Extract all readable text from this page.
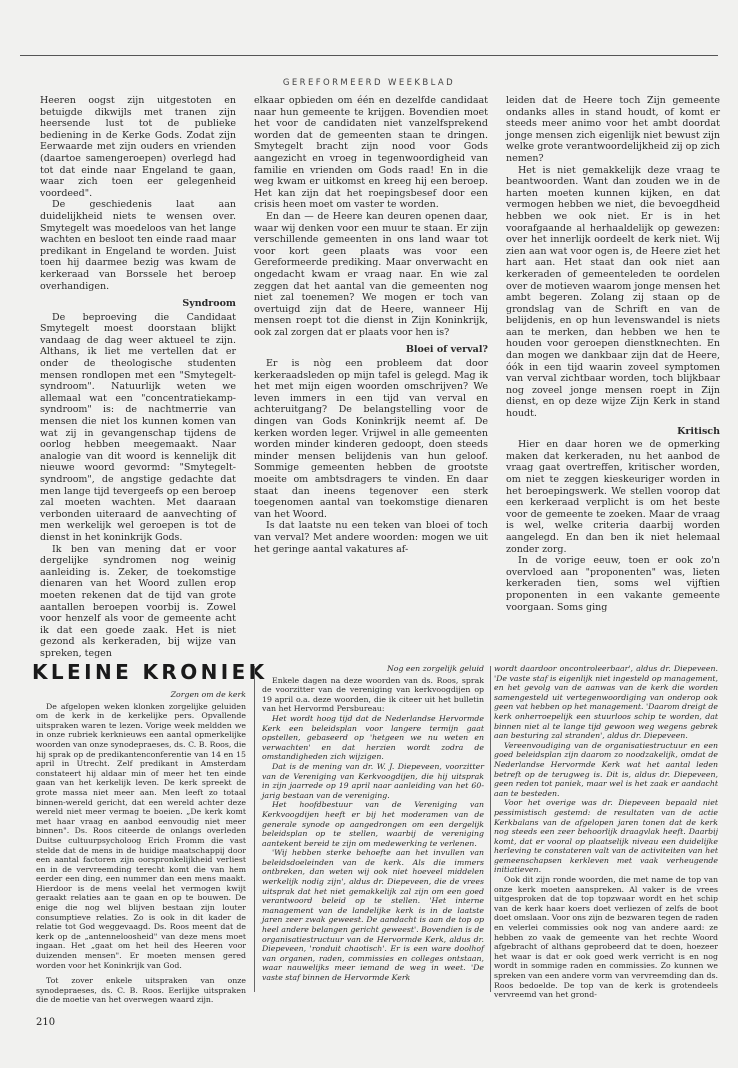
GEREFORMEERD WEEKBLAD

Heeren oogst zijn uitgestoten en betuigde dikwijls met tranen zijn heersende lust tot de publieke bediening in de Kerke Gods. Zodat zijn Eerwaarde met zijn ouders en vrienden (daartoe samengeroepen) overlegd had tot dat einde naar Engeland te gaan, waar zich toen eer gelegenheid voordeed".

De geschiedenis laat aan duidelijkheid niets te wensen over. Smytegelt was moedeloos van het lange wachten en besloot ten einde raad maar predikant in Engeland te worden. Juist toen hij daarmee bezig was kwam de kerkeraad van Borssele het beroep overhandigen.

Syndroom

De beproeving die Candidaat Smytegelt moest doorstaan blijkt vandaag de dag weer aktueel te zijn. Althans, ik liet me vertellen dat er onder de theologische studenten mensen rondlopen met een "Smytegelt-syndroom". Natuurlijk weten we allemaal wat een "concentratiekamp-syndroom" is: de nachtmerrie van mensen die niet los kunnen komen van wat zij in gevangenschap tijdens de oorlog hebben meegemaakt. Naar analogie van dit woord is kennelijk dit nieuwe woord gevormd: "Smytegelt-syndroom", de angstige gedachte dat men lange tijd tevergeefs op een beroep zal moeten wachten. Met daaraan verbonden uiteraard de aanvechting of men werkelijk wel geroepen is tot de dienst in het koninkrijk Gods.

Ik ben van mening dat er voor dergelijke syndromen nog weinig aanleiding is. Zeker, de toekomstige dienaren van het Woord zullen erop moeten rekenen dat de tijd van grote aantallen beroepen voorbij is. Zowel voor henzelf als voor de gemeente acht ik dat een goede zaak. Het is niet gezond als kerkeraden, bij wijze van spreken, tegen

elkaar opbieden om één en dezelfde candidaat naar hun gemeente te krijgen. Bovendien moet het voor de candidaten niet vanzelfsprekend worden dat de gemeenten staan te dringen. Smytegelt bracht zijn nood voor Gods aangezicht en vroeg in tegenwoordigheid van familie en vrienden om Gods raad! En in die weg kwam er uitkomst en kreeg hij een beroep. Het kan zijn dat het roepingsbesef door een crisis heen moet om vaster te worden.

En dan — de Heere kan deuren openen daar, waar wij denken voor een muur te staan. Er zijn verschillende gemeenten in ons land waar tot voor kort geen plaats was voor een Gereformeerde prediking. Maar onverwacht en ongedacht kwam er vraag naar. En wie zal zeggen dat het aantal van die gemeenten nog niet zal toenemen? We mogen er toch van overtuigd zijn dat de Heere, wanneer Hij mensen roept tot die dienst in Zijn Koninkrijk, ook zal zorgen dat er plaats voor hen is?

Bloei of verval?

Er is nòg een probleem dat door kerkeraadsleden op mijn tafel is gelegd. Mag ik het met mijn eigen woorden omschrijven? We leven immers in een tijd van verval en achteruitgang? De belangstelling voor de dingen van Gods Koninkrijk neemt af. De kerken worden leger. Vrijwel in alle gemeenten worden minder kinderen gedoopt, doen steeds minder mensen belijdenis van hun geloof. Sommige gemeenten hebben de grootste moeite om ambtsdragers te vinden. En daar staat dan ineens tegenover een sterk toegenomen aantal van toekomstige dienaren van het Woord.

Is dat laatste nu een teken van bloei of toch van verval? Met andere woorden: mogen we uit het geringe aantal vakatures af-

leiden dat de Heere toch Zijn gemeente ondanks alles in stand houdt, of komt er steeds meer animo voor het ambt doordat jonge mensen zich eigenlijk niet bewust zijn welke grote verantwoordelijkheid zij op zich nemen?

Het is niet gemakkelijk deze vraag te beantwoorden. Want dan zouden we in de harten moeten kunnen kijken, en dat vermogen hebben we niet, die bevoegdheid hebben we ook niet. Er is in het voorafgaande al herhaaldelijk op gewezen: over het innerlijk oordeelt de kerk niet. Wij zien aan wat voor ogen is, de Heere ziet het hart aan. Het staat dan ook niet aan kerkeraden of gemeenteleden te oordelen over de motieven waarom jonge mensen het ambt begeren. Zolang zij staan op de grondslag van de Schrift en van de belijdenis, en op hun levenswandel is niets aan te merken, dan hebben we hen te houden voor geroepen dienstknechten. En dan mogen we dankbaar zijn dat de Heere, óók in een tijd waarin zoveel symptomen van verval zichtbaar worden, toch blijkbaar nog zoveel jonge mensen roept in Zijn dienst, en op deze wijze Zijn Kerk in stand houdt.

Kritisch

Hier en daar horen we de opmerking maken dat kerkeraden, nu het aanbod de vraag gaat overtreffen, kritischer worden, om niet te zeggen kieskeuriger worden in het beroepingswerk. We stellen voorop dat een kerkeraad verplicht is om het beste voor de gemeente te zoeken. Maar de vraag is wel, welke criteria daarbij worden aangelegd. En dan ben ik niet helemaal zonder zorg.

In de vorige eeuw, toen er ook zo'n overvloed aan "proponenten" was, lieten kerkeraden tien, soms wel vijftien proponenten in een vakante gemeente voorgaan. Soms ging

KLEINE KRONIEK

Zorgen om de kerk

De afgelopen weken klonken zorgelijke geluiden om de kerk in de kerkelijke pers. Opvallende uitspraken waren te lezen. Vorige week meldden we in onze rubriek kerknieuws een aantal opmerkelijke woorden van onze synodepraeses, ds. C. B. Roos, die hij sprak op de predikantenconferentie van 14 en 15 april in Utrecht. Zelf predikant in Amsterdam constateert hij aldaar min of meer het ten einde gaan van het kerkelijk leven. De kerk spreekt de grote massa niet meer aan. Men leeft zo totaal binnen-wereld gericht, dat een wereld achter deze wereld niet meer vermag te boeien. „De kerk komt met haar vraag en aanbod eenvoudig niet meer binnen". Ds. Roos citeerde de onlangs overleden Duitse cultuurpsycholoog Erich Fromm die vast stelde dat de mens in de huidige maatschappij door een aantal factoren zijn oorspronkelijkheid verliest en in de vervreemding terecht komt die van hem eerder een ding, een nummer dan een mens maakt. Hierdoor is de mens veelal het vermogen kwijt geraakt relaties aan te gaan en op te bouwen. De enige die nog wel blijven bestaan zijn louter consumptieve relaties. Zo is ook in dit kader de relatie tot God weggevaagd. Ds. Roos meent dat de kerk op de „antenneloosheid" van deze mens moet ingaan. Het „gaat om het heil des Heeren voor duizenden mensen". Er moeten mensen gered worden voor het Koninkrijk van God.

Tot zover enkele uitspraken van onze synodepraeses, ds. C. B. Roos. Eerlijke uitspraken die de moetie van het overwegen waard zijn.

Nog een zorgelijk geluid

Enkele dagen na deze woorden van ds. Roos, sprak de voorzitter van de vereniging van kerkvoogdijen op 19 april o.a. deze woorden, die ik citeer uit het bulletin van het Hervormd Persbureau:

Het wordt hoog tijd dat de Nederlandse Hervormde Kerk een beleidsplan voor langere termijn gaat opstellen, gebaseerd op 'hetgeen we nu weten en verwachten' en dat herzien wordt zodra de omstandigheden zich wijzigen.

Dat is de mening van dr. W. J. Diepeveen, voorzitter van de Vereniging van Kerkvoogdijen, die hij uitsprak in zijn jaarrede op 19 april naar aanleiding van het 60-jarig bestaan van de vereniging.

Het hoofdbestuur van de Vereniging van Kerkvoogdijen heeft er bij het moderamen van de generale synode op aangedrongen om een dergelijk beleidsplan op te stellen, waarbij de vereniging aantekent bereid te zijn om medewerking te verlenen.

'Wij hebben sterke behoefte aan het invullen van beleidsdoeleinden van de kerk. Als die immers ontbreken, dan weten wij ook niet hoeveel middelen werkelijk nodig zijn', aldus dr. Diepeveen, die de vrees uitsprak dat het niet gemakkelijk zal zijn om een goed verantwoord beleid op te stellen. 'Het interne management van de landelijke kerk is in de laatste jaren zeer zwak geweest. De aandacht is aan de top op heel andere belangen gericht geweest'. Bovendien is de organisatiestructuur van de Hervormde Kerk, aldus dr. Diepeveen, 'ronduit chaotisch'. Er is een ware doolhof van organen, raden, commissies en colleges ontstaan, waar nauwelijks meer iemand de weg in weet. 'De vaste staf binnen de Hervormde Kerk

wordt daardoor oncontroleerbaar', aldus dr. Diepeveen. 'De vaste staf is eigenlijk niet ingesteld op management, en het gevolg van de aanwas van de kerk die worden samengesteld uit vertegenwoordiging van onderop ook geen vat hebben op het management. 'Daarom dreigt de kerk onherroepelijk een stuurloos schip te worden, dat binnen niet al te lange tijd gewoon weg wegens gebrek aan besturing zal stranden', aldus dr. Diepeveen.

Vereenvoudiging van de organisatiestructuur en een goed beleidsplan zijn daarom zo noodzakelijk, omdat de Nederlandse Hervormde Kerk wat het aantal leden betreft op de terugweg is. Dit is, aldus dr. Diepeveen, geen reden tot paniek, maar wel is het zaak er aandacht aan te besteden.

Voor het overige was dr. Diepeveen bepaald niet pessimistisch gestemd: de resultaten van de actie Kerkbalans van de afgelopen jaren tonen dat de kerk nog steeds een zeer behoorlijk draagvlak heeft. Daarbij komt, dat er vooral op plaatselijk niveau een duidelijke herleving te constateren valt van de activiteiten van het gemeenschapsen kerkleven met vaak verheugende initiatieven.

Ook dit zijn ronde woorden, die met name de top van onze kerk moeten aanspreken. Al vaker is de vrees uitgesproken dat de top topzwaar wordt en het schip van de kerk haar koers doet verliezen of zelfs de boot doet omslaan. Voor ons zijn de bezwaren tegen de raden en velerlei commissies ook nog van andere aard: ze hebben zo vaak de gemeente van het rechte Woord afgebracht of althans geprobeerd dat te doen, hoezeer het waar is dat er ook goed werk verricht is en nog wordt in sommige raden en commissies. Zo kunnen we spreken van een andere vorm van vervreemding dan ds. Roos bedoelde. De top van de kerk is grotendeels vervreemd van het grond-

210
